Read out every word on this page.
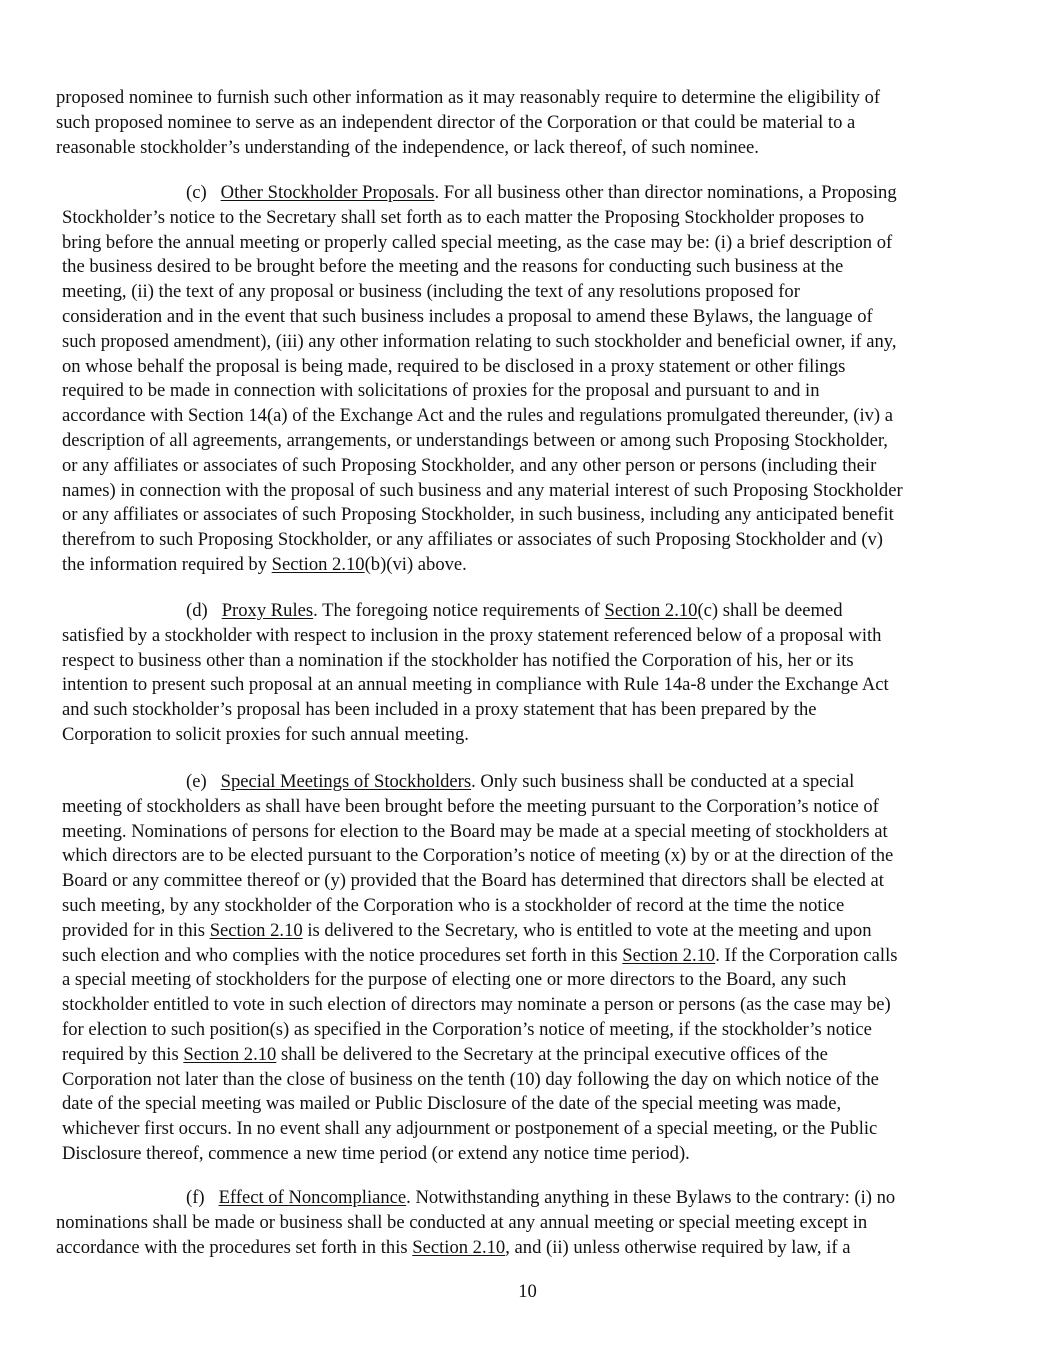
proposed nominee to furnish such other information as it may reasonably require to determine the eligibility of
such proposed nominee to serve as an independent director of the Corporation or that could be material to a
reasonable stockholder’s understanding of the independence, or lack thereof, of such nominee.
(c) Other Stockholder Proposals. For all business other than director nominations, a Proposing
Stockholder’s notice to the Secretary shall set forth as to each matter the Proposing Stockholder proposes to
bring before the annual meeting or properly called special meeting, as the case may be: (i) a brief description of
the business desired to be brought before the meeting and the reasons for conducting such business at the
meeting, (ii) the text of any proposal or business (including the text of any resolutions proposed for
consideration and in the event that such business includes a proposal to amend these Bylaws, the language of
such proposed amendment), (iii) any other information relating to such stockholder and beneficial owner, if any,
on whose behalf the proposal is being made, required to be disclosed in a proxy statement or other filings
required to be made in connection with solicitations of proxies for the proposal and pursuant to and in
accordance with Section 14(a) of the Exchange Act and the rules and regulations promulgated thereunder, (iv) a
description of all agreements, arrangements, or understandings between or among such Proposing Stockholder,
or any affiliates or associates of such Proposing Stockholder, and any other person or persons (including their
names) in connection with the proposal of such business and any material interest of such Proposing Stockholder
or any affiliates or associates of such Proposing Stockholder, in such business, including any anticipated benefit
therefrom to such Proposing Stockholder, or any affiliates or associates of such Proposing Stockholder and (v)
the information required by Section 2.10(b)(vi) above.
(d) Proxy Rules. The foregoing notice requirements of Section 2.10(c) shall be deemed
satisfied by a stockholder with respect to inclusion in the proxy statement referenced below of a proposal with
respect to business other than a nomination if the stockholder has notified the Corporation of his, her or its
intention to present such proposal at an annual meeting in compliance with Rule 14a-8 under the Exchange Act
and such stockholder’s proposal has been included in a proxy statement that has been prepared by the
Corporation to solicit proxies for such annual meeting.
(e) Special Meetings of Stockholders. Only such business shall be conducted at a special
meeting of stockholders as shall have been brought before the meeting pursuant to the Corporation’s notice of
meeting. Nominations of persons for election to the Board may be made at a special meeting of stockholders at
which directors are to be elected pursuant to the Corporation’s notice of meeting (x) by or at the direction of the
Board or any committee thereof or (y) provided that the Board has determined that directors shall be elected at
such meeting, by any stockholder of the Corporation who is a stockholder of record at the time the notice
provided for in this Section 2.10 is delivered to the Secretary, who is entitled to vote at the meeting and upon
such election and who complies with the notice procedures set forth in this Section 2.10. If the Corporation calls
a special meeting of stockholders for the purpose of electing one or more directors to the Board, any such
stockholder entitled to vote in such election of directors may nominate a person or persons (as the case may be)
for election to such position(s) as specified in the Corporation’s notice of meeting, if the stockholder’s notice
required by this Section 2.10 shall be delivered to the Secretary at the principal executive offices of the
Corporation not later than the close of business on the tenth (10) day following the day on which notice of the
date of the special meeting was mailed or Public Disclosure of the date of the special meeting was made,
whichever first occurs. In no event shall any adjournment or postponement of a special meeting, or the Public
Disclosure thereof, commence a new time period (or extend any notice time period).
(f) Effect of Noncompliance. Notwithstanding anything in these Bylaws to the contrary: (i) no
nominations shall be made or business shall be conducted at any annual meeting or special meeting except in
accordance with the procedures set forth in this Section 2.10, and (ii) unless otherwise required by law, if a
10
